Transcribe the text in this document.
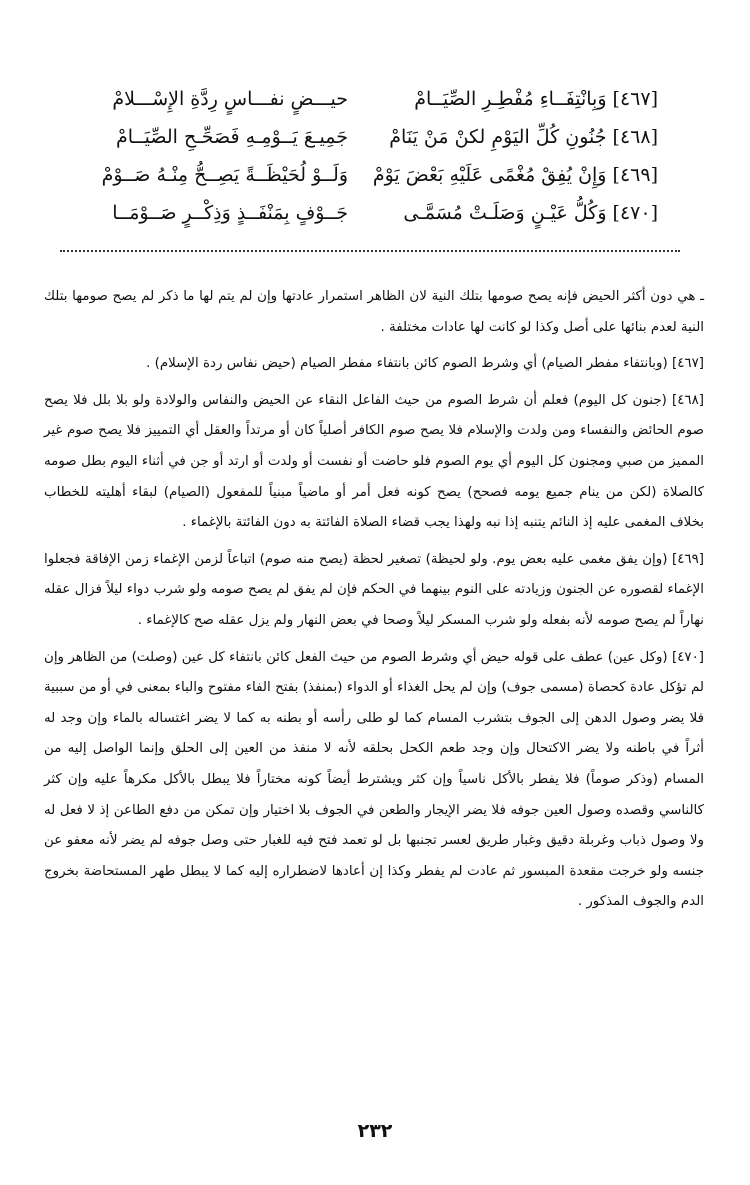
[٤٦٧] وَبِانْتِفَــاءِ مُفْطِـرِ الصِّيَــامْ
حيـــضٍ نفـــاسٍ رِدَّةِ الإِسْـــلامْ
[٤٦٨] جُنُونِ كُلِّ اليَوْمِ لكنْ مَنْ يَنَامْ
جَمِيـعَ يَــوْمِـهِ فَصَحِّـحِ الصِّيَــامْ
[٤٦٩] وَإِنْ يُفِقْ مُغْمًى عَلَيْهِ بَعْضَ يَوْمْ
وَلَــوْ لُحَيْظَــةً يَصِــحُّ مِنْـهُ صَــوْمْ
[٤٧٠] وَكُلُّ عَيْـنٍ وَصَلَـتْ مُسَمَّـى
جَــوْفٍ بِمَنْفَــذٍ وَذِكْــرٍ صَــوْمَــا

ـ هي دون أكثر الحيض فإنه يصح صومها بتلك النية لان الظاهر استمرار عادتها وإن لم يتم لها ما ذكر لم يصح صومها بتلك النية لعدم بنائها على أصل وكذا لو كانت لها عادات مختلفة .

[٤٦٧] (وبانتفاء مفطر الصيام) أي وشرط الصوم كائن بانتفاء مفطر الصيام (حيض نفاس ردة الإسلام) .

[٤٦٨] (جنون كل اليوم) فعلم أن شرط الصوم من حيث الفاعل النقاء عن الحيض والنفاس والولادة ولو بلا بلل فلا يصح صوم الحائض والنفساء ومن ولدت والإسلام فلا يصح صوم الكافر أصلياً كان أو مرتداً والعقل أي التمييز فلا يصح صوم غير المميز من صبي ومجنون كل اليوم أي يوم الصوم فلو حاضت أو نفست أو ولدت أو ارتد أو جن في أثناء اليوم بطل صومه كالصلاة (لكن من ينام جميع يومه فصحح) يصح كونه فعل أمر أو ماضياً مبنياً للمفعول (الصيام) لبقاء أهليته للخطاب بخلاف المغمى عليه إذ النائم يتنبه إذا نبه ولهذا يجب قضاء الصلاة الفائتة به دون الفائتة بالإغماء .

[٤٦٩] (وإن يفق مغمى عليه بعض يوم. ولو لحيظة) تصغير لحظة (يصح منه صوم) اتباعاً لزمن الإغماء زمن الإفاقة فجعلوا الإغماء لقصوره عن الجنون وزيادته على النوم بينهما في الحكم فإن لم يفق لم يصح صومه ولو شرب دواء ليلاً فزال عقله نهاراً لم يصح صومه لأنه بفعله ولو شرب المسكر ليلاً وصحا في بعض النهار ولم يزل عقله صح كالإغماء .

[٤٧٠] (وكل عين) عطف على قوله حيض أي وشرط الصوم من حيث الفعل كائن بانتفاء كل عين (وصلت) من الظاهر وإن لم تؤكل عادة كحصاة (مسمى جوف) وإن لم يحل الغذاء أو الدواء (بمنفذ) بفتح الفاء مفتوح والباء بمعنى في أو من سببية فلا يضر وصول الدهن إلى الجوف بتشرب المسام كما لو طلى رأسه أو بطنه به كما لا يضر اغتساله بالماء وإن وجد له أثراً في باطنه ولا يضر الاكتحال وإن وجد طعم الكحل بحلقه لأنه لا منفذ من العين إلى الحلق وإنما الواصل إليه من المسام (وذكر صوماً) فلا يفطر بالأكل ناسياً وإن كثر ويشترط أيضاً كونه مختاراً فلا يبطل بالأكل مكرهاً عليه وإن كثر كالناسي وقصده وصول العين جوفه فلا يضر الإيجار والطعن في الجوف بلا اختيار وإن تمكن من دفع الطاعن إذ لا فعل له ولا وصول ذباب وغربلة دقيق وغبار طريق لعسر تجنبها بل لو تعمد فتح فيه للغبار حتى وصل جوفه لم يضر لأنه معفو عن جنسه ولو خرجت مقعدة المبسور ثم عادت لم يفطر وكذا إن أعادها لاضطراره إليه كما لا يبطل طهر المستحاضة بخروج الدم والجوف المذكور .

٢٣٢
